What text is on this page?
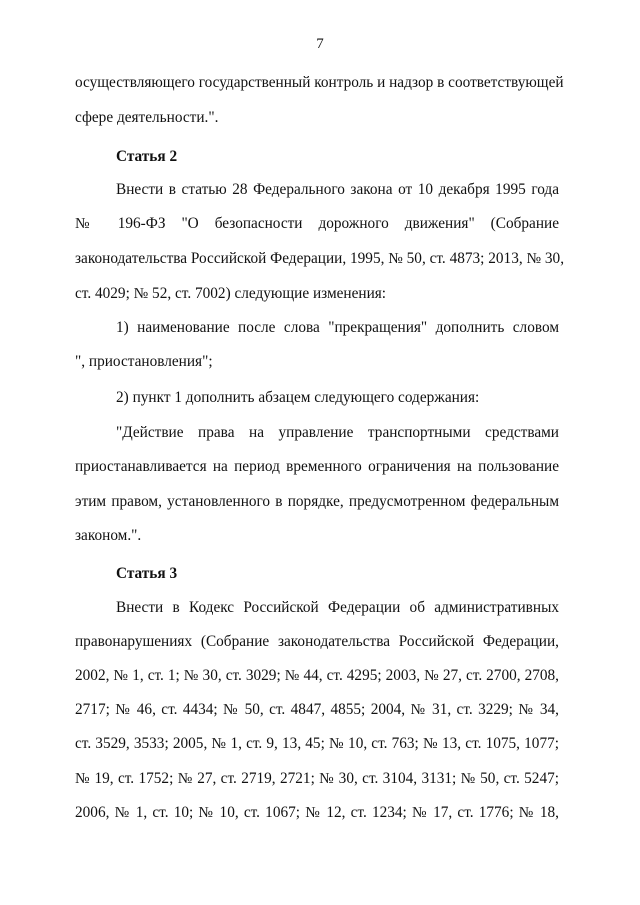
7
осуществляющего государственный контроль и надзор в соответствующей
сфере деятельности.".
Статья 2
Внести в статью 28 Федерального закона от 10 декабря 1995 года
№ 196-ФЗ "О безопасности дорожного движения" (Собрание
законодательства Российской Федерации, 1995, № 50, ст. 4873; 2013, № 30,
ст. 4029; № 52, ст. 7002) следующие изменения:
1) наименование после слова "прекращения" дополнить словом
", приостановления";
2) пункт 1 дополнить абзацем следующего содержания:
"Действие права на управление транспортными средствами
приостанавливается на период временного ограничения на пользование
этим правом, установленного в порядке, предусмотренном федеральным
законом.".
Статья 3
Внести в Кодекс Российской Федерации об административных
правонарушениях (Собрание законодательства Российской Федерации,
2002, № 1, ст. 1; № 30, ст. 3029; № 44, ст. 4295; 2003, № 27, ст. 2700, 2708,
2717; № 46, ст. 4434; № 50, ст. 4847, 4855; 2004, № 31, ст. 3229; № 34,
ст. 3529, 3533; 2005, № 1, ст. 9, 13, 45; № 10, ст. 763; № 13, ст. 1075, 1077;
№ 19, ст. 1752; № 27, ст. 2719, 2721; № 30, ст. 3104, 3131; № 50, ст. 5247;
2006, № 1, ст. 10; № 10, ст. 1067; № 12, ст. 1234; № 17, ст. 1776; № 18,
